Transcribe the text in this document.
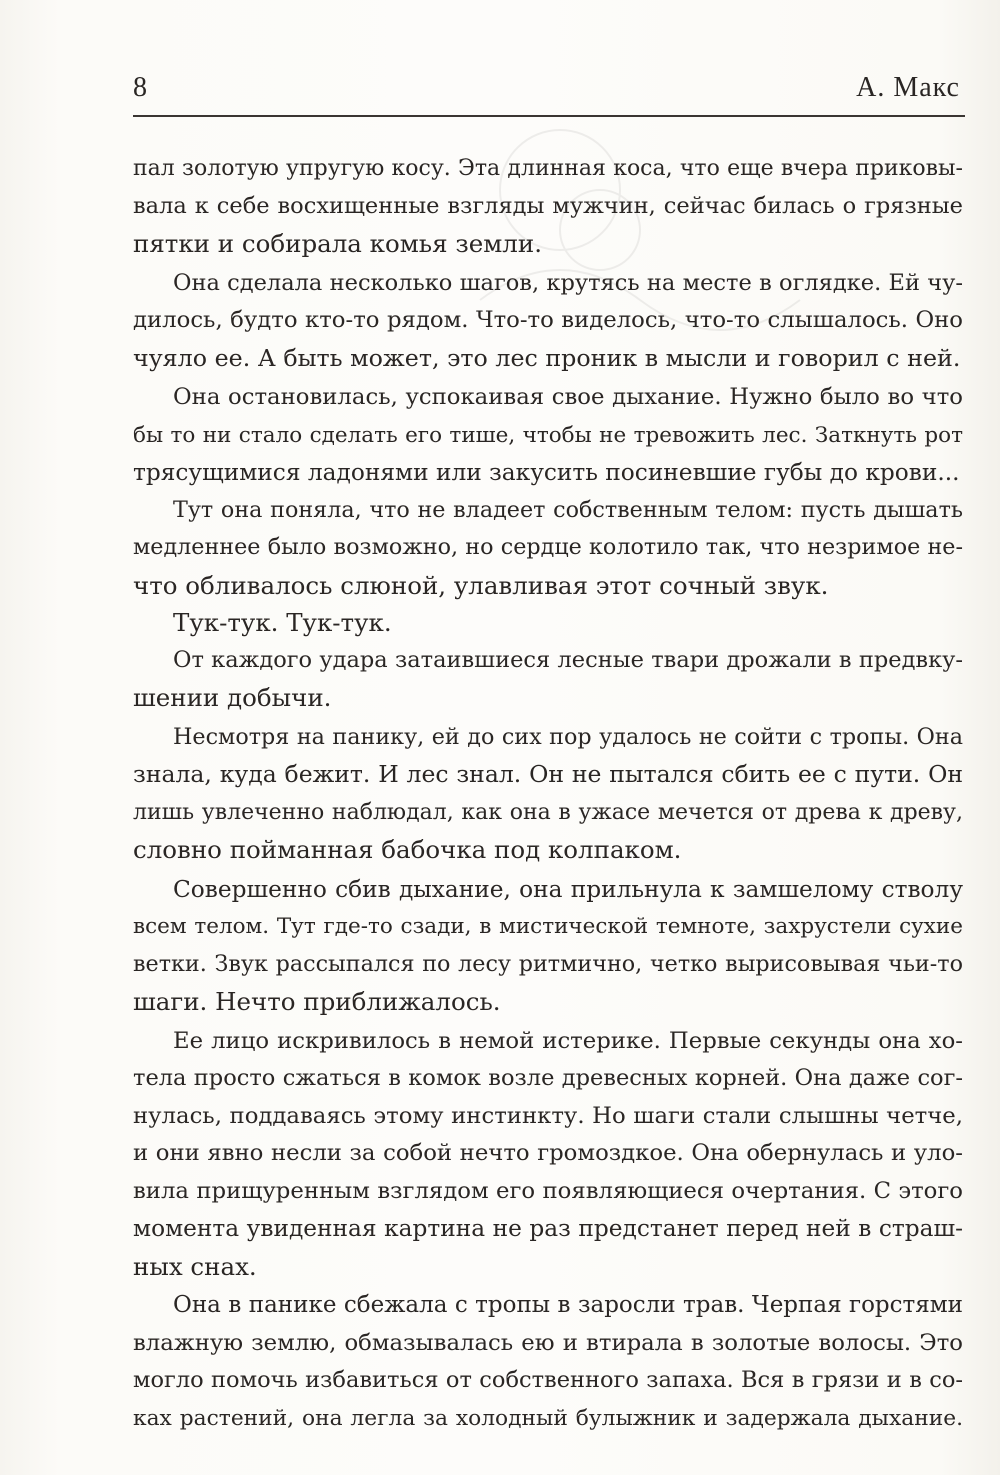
8	А. Макс
пал золотую упругую косу. Эта длинная коса, что еще вчера приковы-
вала к себе восхищенные взгляды мужчин, сейчас билась о грязные
пятки и собирала комья земли.
Она сделала несколько шагов, крутясь на месте в оглядке. Ей чу-
дилось, будто кто-то рядом. Что-то виделось, что-то слышалось. Оно
чуяло ее. А быть может, это лес проник в мысли и говорил с ней.
Она остановилась, успокаивая свое дыхание. Нужно было во что
бы то ни стало сделать его тише, чтобы не тревожить лес. Заткнуть рот
трясущимися ладонями или закусить посиневшие губы до крови...
Тут она поняла, что не владеет собственным телом: пусть дышать
медленнее было возможно, но сердце колотило так, что незримое не-
что обливалось слюной, улавливая этот сочный звук.
Тук-тук. Тук-тук.
От каждого удара затаившиеся лесные твари дрожали в предвку-
шении добычи.
Несмотря на панику, ей до сих пор удалось не сойти с тропы. Она
знала, куда бежит. И лес знал. Он не пытался сбить ее с пути. Он
лишь увлеченно наблюдал, как она в ужасе мечется от древа к древу,
словно пойманная бабочка под колпаком.
Совершенно сбив дыхание, она прильнула к замшелому стволу
всем телом. Тут где-то сзади, в мистической темноте, захрустели сухие
ветки. Звук рассыпался по лесу ритмично, четко вырисовывая чьи-то
шаги. Нечто приближалось.
Ее лицо искривилось в немой истерике. Первые секунды она хо-
тела просто сжаться в комок возле древесных корней. Она даже сог-
нулась, поддаваясь этому инстинкту. Но шаги стали слышны четче,
и они явно несли за собой нечто громоздкое. Она обернулась и уло-
вила прищуренным взглядом его появляющиеся очертания. С этого
момента увиденная картина не раз предстанет перед ней в страш-
ных снах.
Она в панике сбежала с тропы в заросли трав. Черпая горстями
влажную землю, обмазывалась ею и втирала в золотые волосы. Это
могло помочь избавиться от собственного запаха. Вся в грязи и в со-
ках растений, она легла за холодный булыжник и задержала дыхание.
